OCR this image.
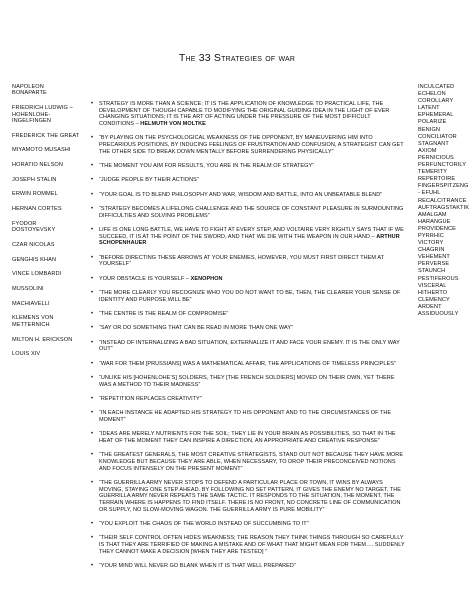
The 33 Strategies of war
NAPOLEON BONAPARTE
FRIEDRICH LUDWIG – HOHENLOHE-INGELFINGEN
FREDERICK THE GREAT
MIYAMOTO MUSASHI
HORATIO NELSON
JOSEPH STALIN
ERWIN ROMMEL
HERNAN CORTES
FYODOR DOSTOYEVSKY
CZAR NICOLAS
GENGHIS KHAN
VINCE LOMBARDI
MUSSOLINI
MACHIAVELLI
KLEMENS VON METTERNICH
MILTON H. ERICKSON
LOUIS XIV
• STRATEGY IS MORE THAN A SCIENCE: IT IS THE APPLICATION OF KNOWLEDGE TO PRACTICAL LIFE, THE DEVELOPMENT OF THOUGH CAPABLE TO MODIFYING THE ORIGINAL GUIDING IDEA IN THE LIGHT OF EVER CHANGING SITUATIONS; IT IS THE ART OF ACTING UNDER THE PRESSURE OF THE MOST DIFFICULT CONDITIONS – HELMUTH VON MOLTKE
• “BY PLAYING ON THE PSYCHOLOGICAL WEAKNESS OF THE OPPONENT, BY MANEUVERING HIM INTO PRECARIOUS POSITIONS, BY INDUCING FEELINGS OF FRUSTRATION AND CONFUSION, A STRATEGIST CAN GET THE OTHER SIDE TO BREAK DOWN MENTALLY BEFORE SURRENDERING PHYSICALLY”
• “THE MOMENT YOU AIM FOR RESULTS, YOU ARE IN THE REALM OF STRATEGY”
• “JUDGE PEOPLE BY THEIR ACTIONS”
• “YOUR GOAL IS TO BLEND PHILOSOPHY AND WAR, WISDOM AND BATTLE, INTO AN UNBEATABLE BLEND”
• “STRATEGY BECOMES A LIFELONG CHALLENGE AND THE SOURCE OF CONSTANT PLEASURE IN SURMOUNTING DIFFICULTIES AND SOLVING PROBLEMS”
• LIFE IS ONE LONG BATTLE, WE HAVE TO FIGHT AT EVERY STEP, AND VOLTAIRE VERY RIGHTLY SAYS THAT IF WE SUCCEED, IT IS AT THE POINT OF THE SWORD, AND THAT WE DIE WITH THE WEAPON IN OUR HAND – ARTHUR SCHOPENHAUER
• “BEFORE DIRECTING THESE ARROWS AT YOUR ENEMIES, HOWEVER, YOU MUST FIRST DIRECT THEM AT YOURSELF”
• YOUR OBSTACLE IS YOURSELF – XENOPHON
• “THE MORE CLEARLY YOU RECOGNIZE WHO YOU DO NOT WANT TO BE, THEN, THE CLEARER YOUR SENSE OF IDENTITY AND PURPOSE WILL BE”
• “THE CENTRE IS THE REALM OF COMPROMISE”
• “SAY OR DO SOMETHING THAT CAN BE READ IN MORE THAN ONE WAY”
• “INSTEAD OF INTERNALIZING A BAD SITUATION, EXTERNALIZE IT AND FACE YOUR ENEMY. IT IS THE ONLY WAY OUT”
• “WAR FOR THEM [PRUSSIANS] WAS A MATHEMATICAL AFFAIR, THE APPLICATIONS OF TIMELESS PRINCIPLES”
• “UNLIKE HIS [HOHENLOHE’S] SOLDIERS, THEY [THE FRENCH SOLDIERS] MOVED ON THEIR OWN, YET THERE WAS A METHOD TO THEIR MADNESS”
• “REPETITION REPLACES CREATIVITY”
• “IN EACH INSTANCE HE ADAPTED HIS STRATEGY TO HIS OPPONENT AND TO THE CIRCUMSTANCES OF THE MOMENT”
• “IDEAS ARE MERELY NUTRIENTS FOR THE SOIL; THEY LIE IN YOUR BRAIN AS POSSIBILITIES, SO THAT IN THE HEAT OF THE MOMENT THEY CAN INSPIRE A DIRECTION, AN APPROPRIATE AND CREATIVE RESPONSE”
• “THE GREATEST GENERALS, THE MOST CREATIVE STRATEGISTS, STAND OUT NOT BECAUSE THEY HAVE MORE KNOWLEDGE BUT BECAUSE THEY ARE ABLE, WHEN NECESSARY, TO DROP THEIR PRECONCEIVED NOTIONS AND FOCUS INTENSELY ON THE PRESENT MOMENT”
• “THE GUERRILLA ARMY NEVER STOPS TO DEFEND A PARTICULAR PLACE OR TOWN, IT WINS BY ALWAYS MOVING, STAYING ONE STEP AHEAD. BY FOLLOWING NO SET PATTERN, IT GIVES THE ENEMY NO TARGET. THE GUERRILLA ARMY NEVER REPEATS THE SAME TACTIC. IT RESPONDS TO THE SITUATION, THE MOMENT, THE TERRAIN WHERE IS HAPPENS TO FIND ITSELF. THERE IS NO FRONT, NO CONCRETE LINE OF COMMUNICATION OR SUPPLY, NO SLOW-MOVING WAGON. THE GUERRILLA ARMY IS PURE MOBILITY”
• “YOU EXPLOIT THE CHAOS OF THE WORLD INSTEAD OF SUCCUMBING TO IT”
• “THEIR SELF CONTROL OFTEN HIDES WEAKNESS; THE REASON THEY THINK THINGS THROUGH SO CAREFULLY IS THAT THEY ARE TERRIFIED OF MAKING A MISTAKE AND OF WHAT THAT MIGHT MEAN FOR THEM…. SUDDENLY THEY CANNOT MAKE A DECISION [WHEN THEY ARE TESTED] ”
• “YOUR MIND WILL NEVER GO BLANK WHEN IT IS THAT WELL PREPARED”
INCULCATED
ECHELON
COROLLARY
LATENT
EPHEMERAL
POLARIZE
BENIGN
CONCILIATOR
STAGNANT
AXIOM
PERNICIOUS
PERFUNCTORILY
TEMERITY
REPERTOIRE
FINGERSPITZENG
- EFUHL
RECALCITRANCE
AUFTRAGSTAKTIK
AMALGAM
HARANGUE
PROVIDENCE
PYRRHIC
VICTORY
CHAGRIN
VEHEMENT
PERVERSE
STAUNCH
PESTIFEROUS
VISCERAL
HITHERTO
CLEMENCY
ARDENT
ASSIDUOUSLY
